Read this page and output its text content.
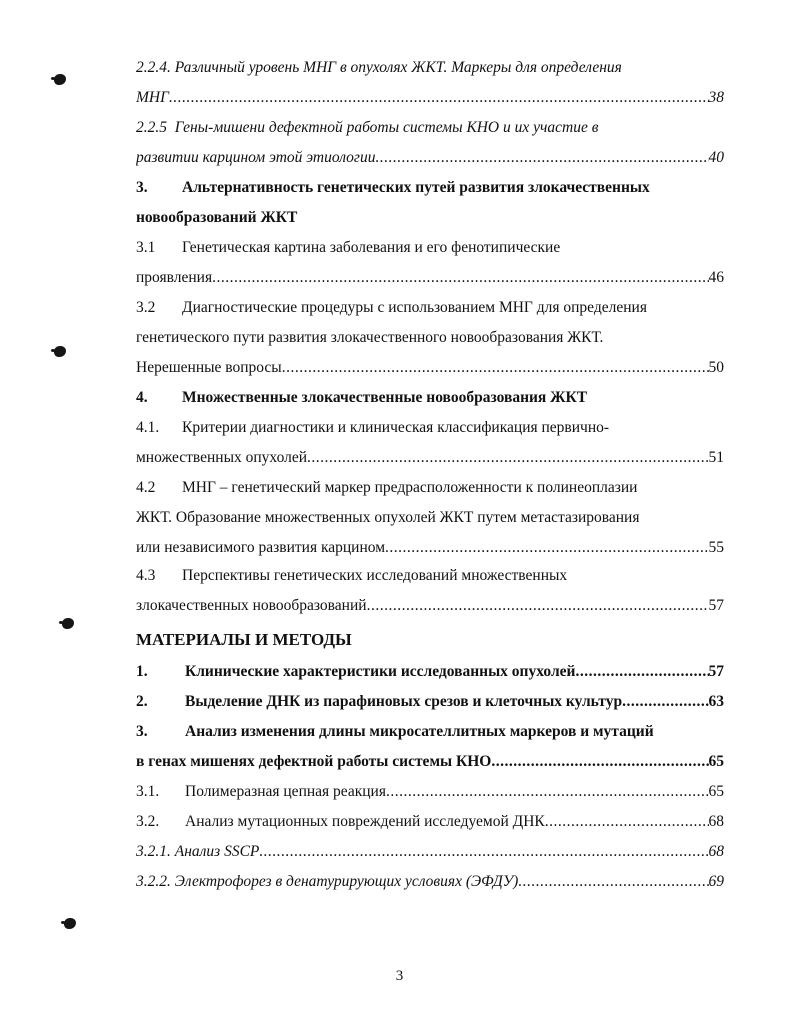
2.2.4. Различный уровень МНГ в опухолях ЖКТ. Маркеры для определения
МНГ .....	38
2.2.5 Гены-мишени дефектной работы системы КНО и их участие в
развитии карцином этой этиологии .....	40
3. Альтернативность генетических путей развития злокачественных
новообразований ЖКТ
3.1 Генетическая картина заболевания и его фенотипические
проявления .....	46
3.2 Диагностические процедуры с использованием МНГ для определения
генетического пути развития злокачественного новообразования ЖКТ.
Нерешенные вопросы .....	50
4. Множественные злокачественные новообразования ЖКТ
4.1. Критерии диагностики и клиническая классификация первично-
множественных опухолей .....	51
4.2 МНГ – генетический маркер предрасположенности к полинеоплазии
ЖКТ. Образование множественных опухолей ЖКТ путем метастазирования
или независимого развития карцином .....	55
4.3 Перспективы генетических исследований множественных
злокачественных новообразований .....	57
МАТЕРИАЛЫ И МЕТОДЫ
1. Клинические характеристики исследованных опухолей .....	57
2. Выделение ДНК из парафиновых срезов и клеточных культур .....	63
3. Анализ изменения длины микросателлитных маркеров и мутаций
в генах мишенях дефектной работы системы КНО .....	65
3.1. Полимеразная цепная реакция .....	65
3.2. Анализ мутационных повреждений исследуемой ДНК .....	68
3.2.1. Анализ SSCP .....	68
3.2.2. Электрофорез в денатурирующих условиях (ЭФДУ) .....	69
3
